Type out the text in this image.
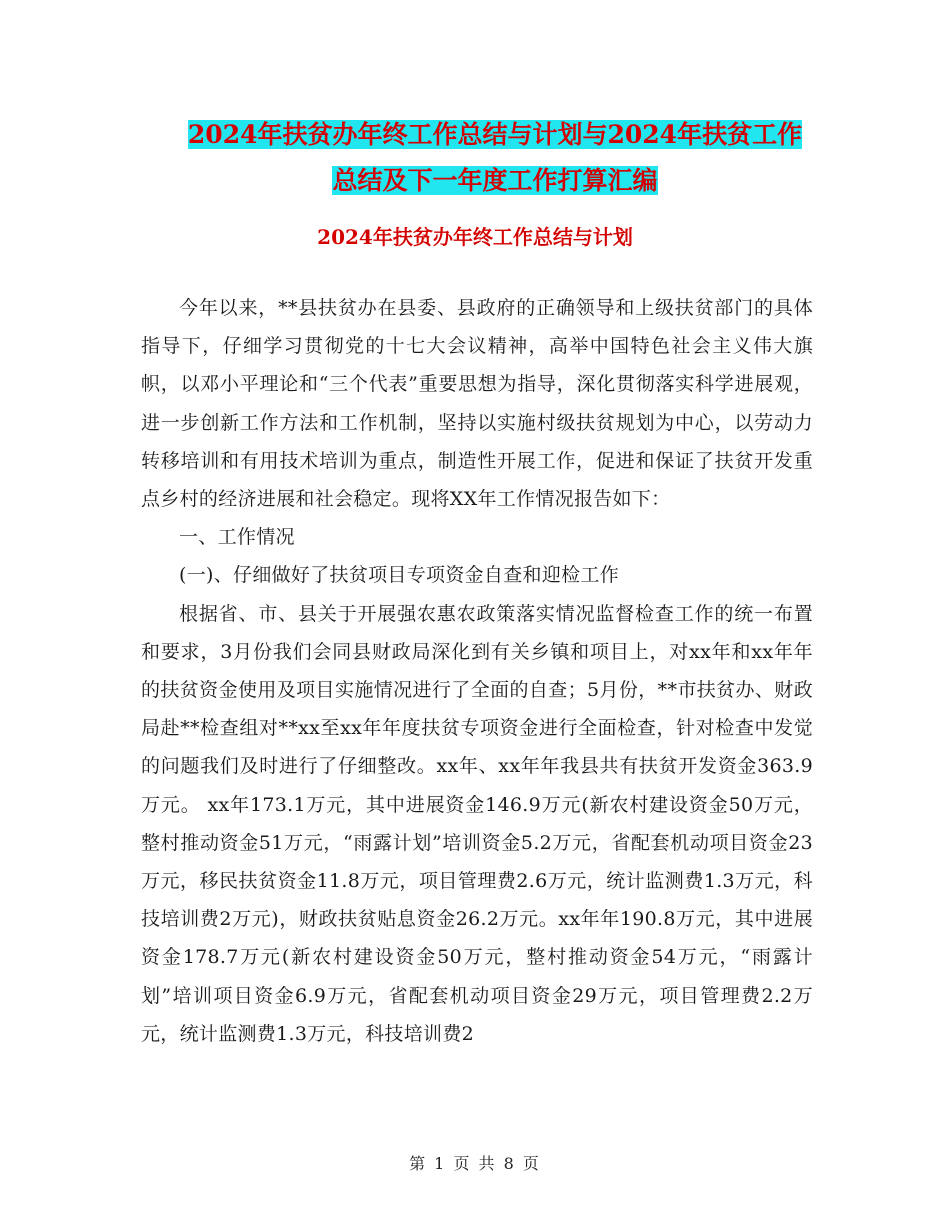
2024年扶贫办年终工作总结与计划与2024年扶贫工作
总结及下一年度工作打算汇编
2024年扶贫办年终工作总结与计划

今年以来，**县扶贫办在县委、县政府的正确领导和上级扶贫部门的具体指导下，仔细学习贯彻党的十七大会议精神，高举中国特色社会主义伟大旗帜，以邓小平理论和“三个代表”重要思想为指导，深化贯彻落实科学进展观，进一步创新工作方法和工作机制，坚持以实施村级扶贫规划为中心，以劳动力转移培训和有用技术培训为重点，制造性开展工作，促进和保证了扶贫开发重点乡村的经济进展和社会稳定。现将XX年工作情况报告如下：

一、工作情况

(一)、仔细做好了扶贫项目专项资金自查和迎检工作

根据省、市、县关于开展强农惠农政策落实情况监督检查工作的统一布置和要求，3月份我们会同县财政局深化到有关乡镇和项目上，对xx年和xx年年的扶贫资金使用及项目实施情况进行了全面的自查；5月份，**市扶贫办、财政局赴**检查组对**xx至xx年年度扶贫专项资金进行全面检查，针对检查中发觉的问题我们及时进行了仔细整改。xx年、xx年年我县共有扶贫开发资金363.9万元。 xx年173.1万元，其中进展资金146.9万元(新农村建设资金50万元，整村推动资金51万元，“雨露计划”培训资金5.2万元，省配套机动项目资金23万元，移民扶贫资金11.8万元，项目管理费2.6万元，统计监测费1.3万元，科技培训费2万元)，财政扶贫贴息资金26.2万元。xx年年190.8万元，其中进展资金178.7万元(新农村建设资金50万元，整村推动资金54万元，“雨露计划”培训项目资金6.9万元，省配套机动项目资金29万元，项目管理费2.2万元，统计监测费1.3万元，科技培训费2

第 1 页 共 8 页
